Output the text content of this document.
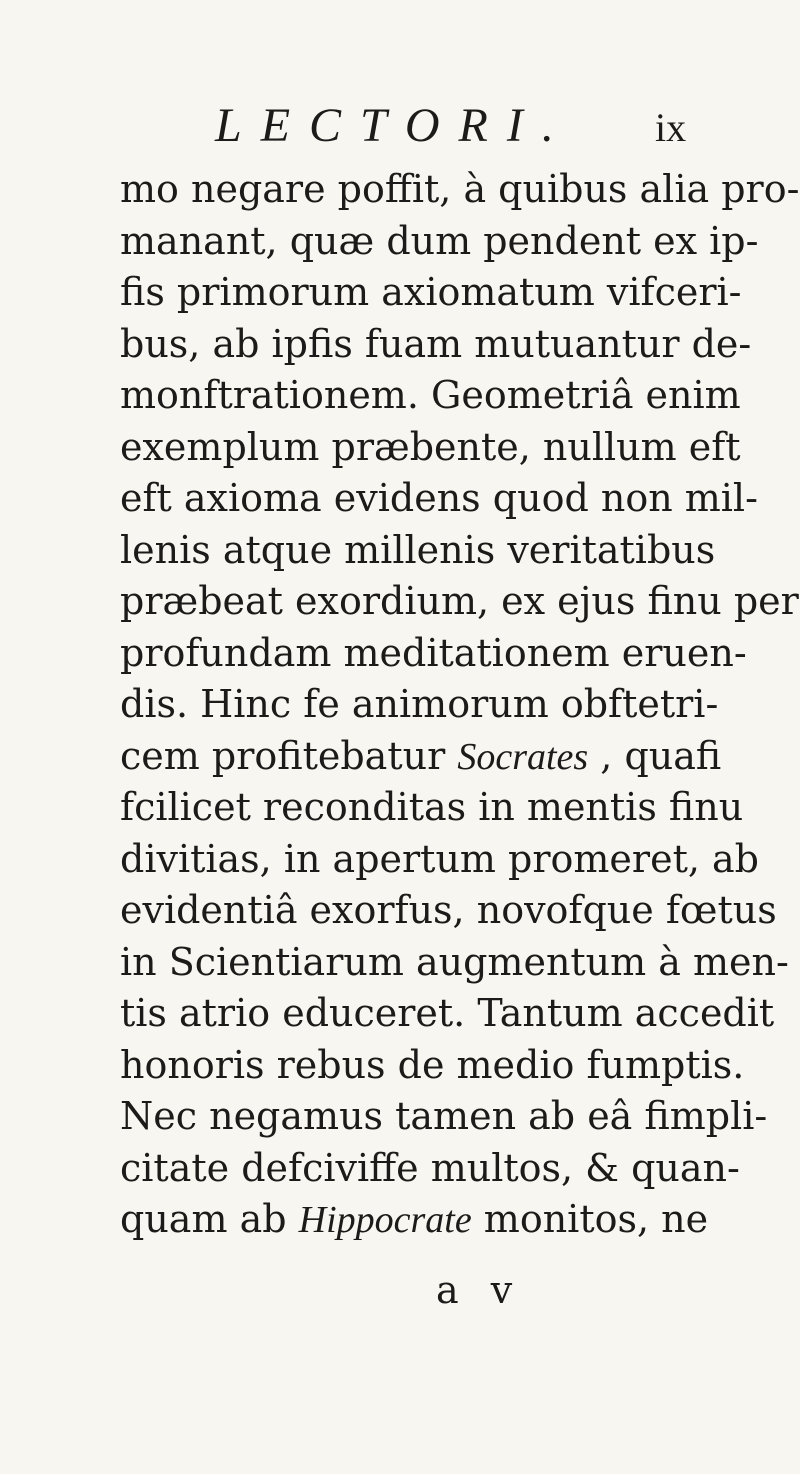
LECTORI. ix
mo negare poffit, à quibus alia pro-
manant, quæ dum pendent ex ip-
fis primorum axiomatum vifceri-
bus, ab ipfis fuam mutuantur de-
monftrationem. Geometriâ enim
exemplum præbente, nullum eft
eft axioma evidens quod non mil-
lenis atque millenis veritatibus
præbeat exordium, ex ejus finu per
profundam meditationem eruen-
dis. Hinc fe animorum obftetri-
cem profitebatur Socrates , quafi
fcilicet reconditas in mentis finu
divitias, in apertum promeret, ab
evidentiâ exorfus, novofque fœtus
in Scientiarum augmentum à men-
tis atrio educeret. Tantum accedit
honoris rebus de medio fumptis.
Nec negamus tamen ab eâ fimpli-
citate defciviffe multos, & quan-
quam ab Hippocrate monitos, ne
a v
